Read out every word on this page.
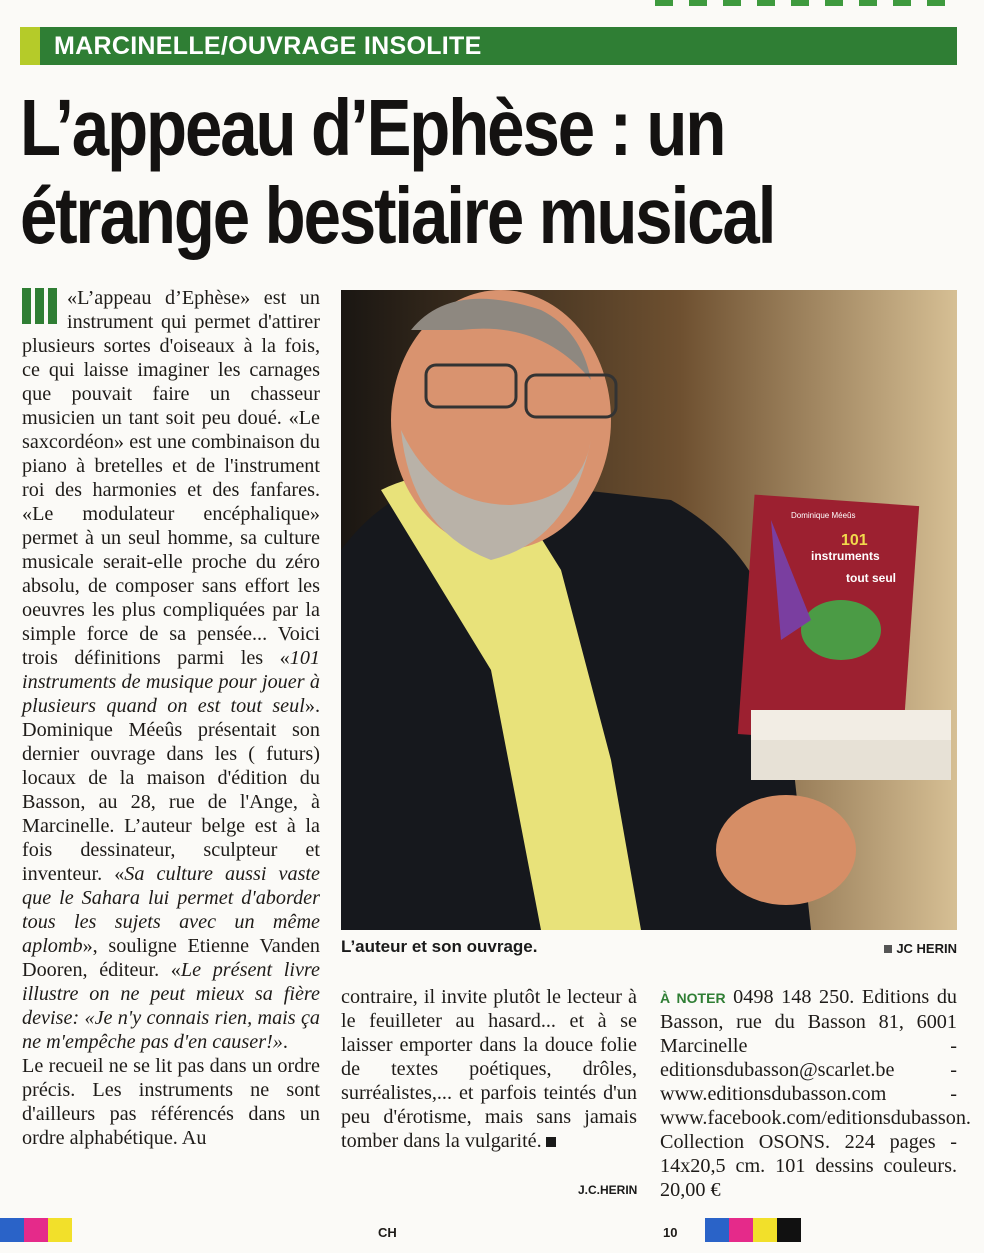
MARCINELLE/OUVRAGE INSOLITE
L’appeau d’Ephèse : un
étrange bestiaire musical

«L’appeau d’Ephèse» est un instrument qui permet d'attirer plusieurs sortes d'oiseaux à la fois, ce qui laisse imaginer les carnages que pouvait faire un chasseur musicien un tant soit peu doué. «Le saxcordéon» est une combinaison du piano à bretelles et de l'instrument roi des harmonies et des fanfares. «Le modulateur encéphalique» permet à un seul homme, sa culture musicale serait-elle proche du zéro absolu, de composer sans effort les oeuvres les plus compliquées par la simple force de sa pensée... Voici trois définitions parmi les «101 instruments de musique pour jouer à plusieurs quand on est tout seul». Dominique Méeûs présentait son dernier ouvrage dans les ( futurs) locaux de la maison d'édition du Basson, au 28, rue de l'Ange, à Marcinelle. L’auteur belge est à la fois dessinateur, sculpteur et inventeur. «Sa culture aussi vaste que le Sahara lui permet d'aborder tous les sujets avec un même aplomb», souligne Etienne Vanden Dooren, éditeur. «Le présent livre illustre on ne peut mieux sa fière devise: «Je n'y connais rien, mais ça ne m'empêche pas d'en causer!».

Le recueil ne se lit pas dans un ordre précis. Les instruments ne sont d'ailleurs pas référencés dans un ordre alphabétique. Au

Dominique Méeûs
101
instruments
tout seul
L’auteur et son ouvrage.	JC HERIN

contraire, il invite plutôt le lecteur à le feuilleter au hasard... et à se laisser emporter dans la douce folie de textes poétiques, drôles, surréalistes,... et parfois teintés d'un peu d'érotisme, mais sans jamais tomber dans la vulgarité.

J.C.HERIN

À NOTER 0498 148 250. Editions du Basson, rue du Basson 81, 6001 Marcinelle - editionsdubasson@scarlet.be - www.editionsdubasson.com - www.facebook.com/editionsdubasson. Collection OSONS. 224 pages - 14x20,5 cm. 101 dessins couleurs. 20,00 €

CH	10
